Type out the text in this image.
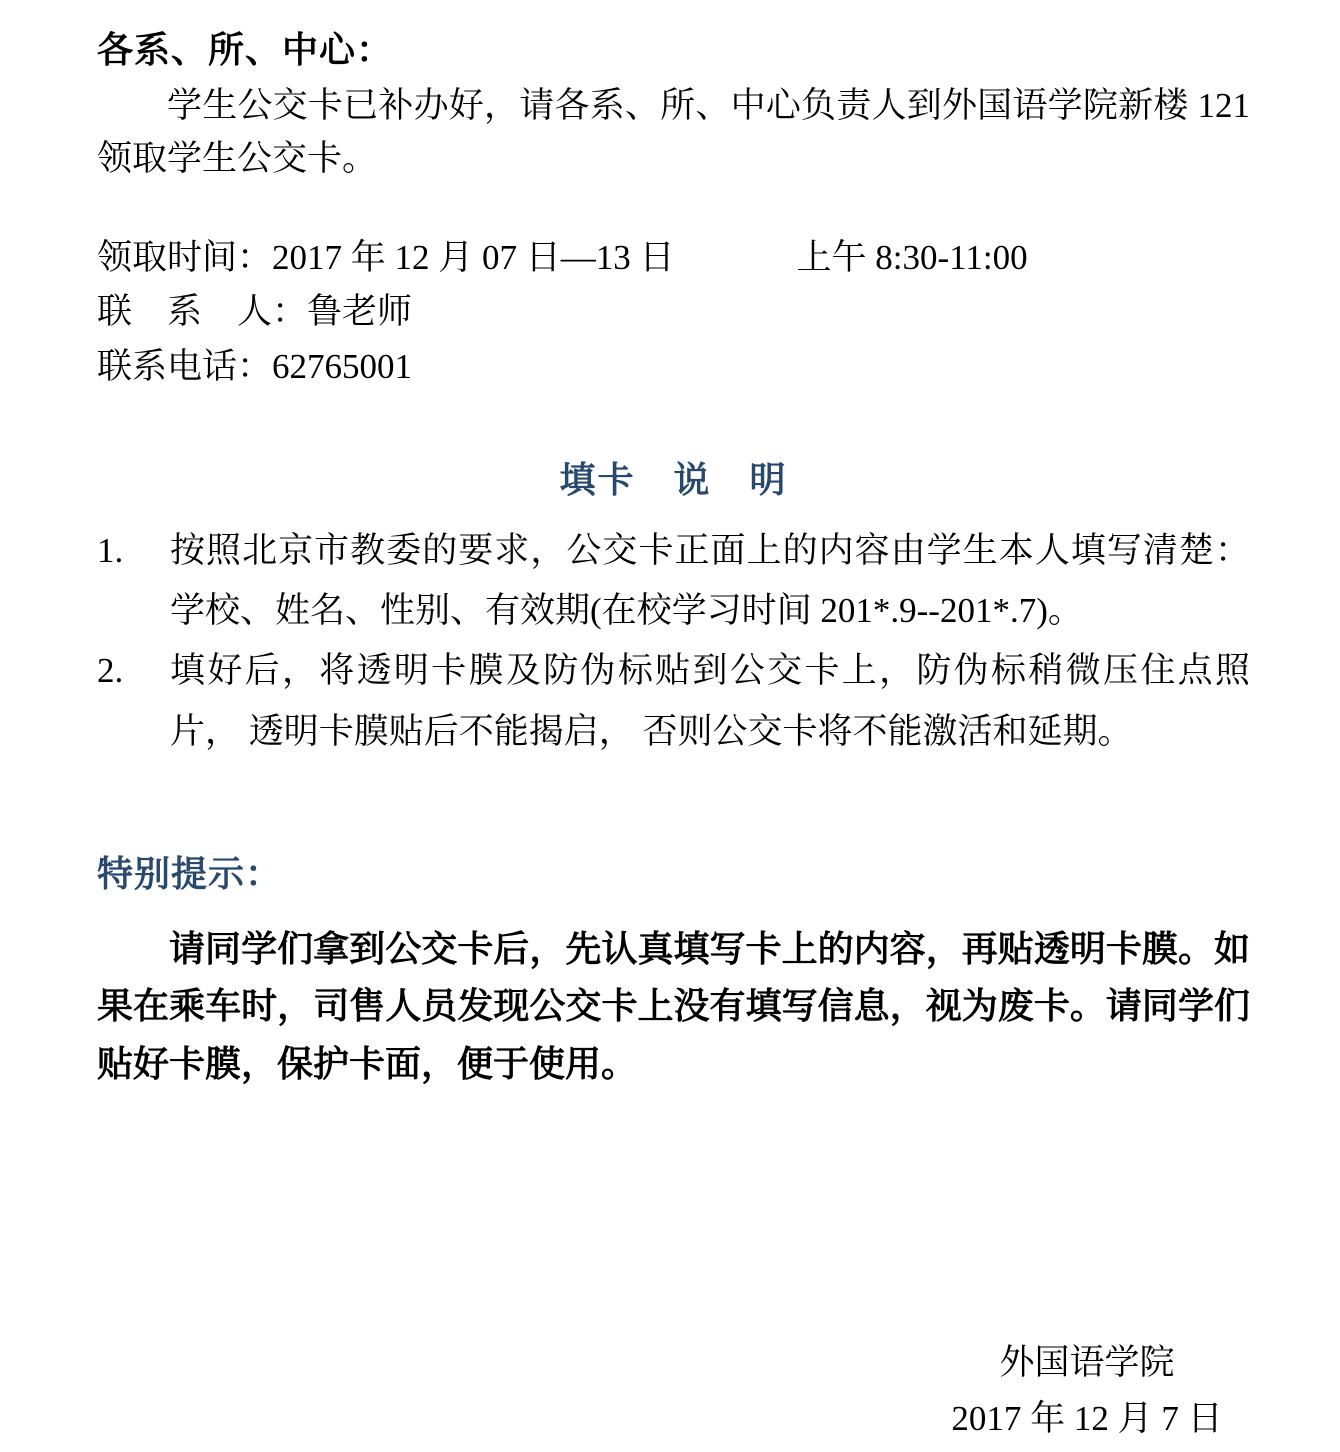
各系、所、中心：

学生公交卡已补办好，请各系、所、中心负责人到外国语学院新楼 121 领取学生公交卡。

领取时间：2017 年 12 月 07 日—13 日	上午 8:30-11:00
联　系　人：鲁老师
联系电话：62765001
填卡　说　明
1.	按照北京市教委的要求，公交卡正面上的内容由学生本人填写清楚：学校、姓名、性别、有效期(在校学习时间 201*.9--201*.7)。
2.	填好后，将透明卡膜及防伪标贴到公交卡上，防伪标稍微压住点照片， 透明卡膜贴后不能揭启， 否则公交卡将不能激活和延期。
特别提示：

请同学们拿到公交卡后，先认真填写卡上的内容，再贴透明卡膜。如果在乘车时，司售人员发现公交卡上没有填写信息，视为废卡。请同学们贴好卡膜，保护卡面，便于使用。

外国语学院
2017 年 12 月 7 日
